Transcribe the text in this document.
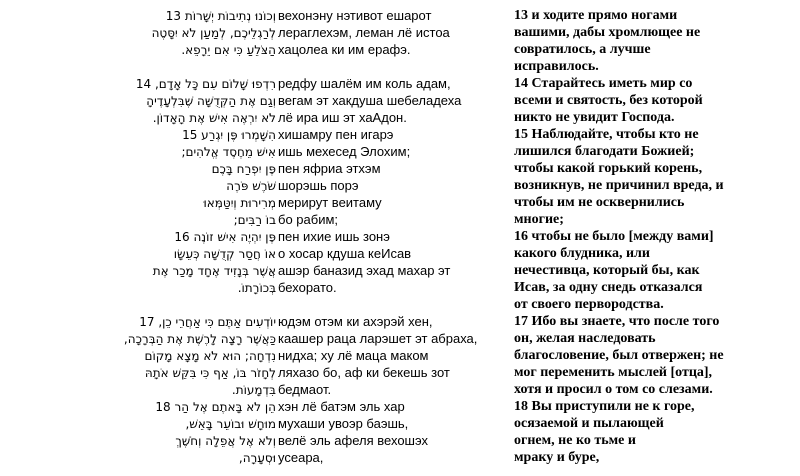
וְכוֹנוּ נְתִיבוֹת יְשָׁרוֹת 13
לְרַגְלֵיכֶם, לְמַעַן לֹא יִסָּטֶה
הַצֹּלֵעַ כִּי אִם יֵרָפֵא.
רִדְפוּ שָׁלוֹם עִם כָּל אָדָם, 14
וְגַם אֶת הַקְּדֻשָּׁה שֶׁבִּלְעָדֶיהָ
לֹא יִרְאֶה אִישׁ אֶת הָאָדוֹן.
הִשָּׁמְרוּ פֶּן יִגְרַע 15
אִישׁ מֵחֶסֶד אֱלֹהִים;
פֶּן יִפְרַח בָּכֶם
שֹׁרֶשׁ פֹּרֶה
מְרִירוּת וְיִטַּמְּאוּ
בוֹ רַבִּים;
פֶּן יִהְיֶה אִישׁ זוֹנֶה 16
אוֹ חֲסַר קְדֻשָּׁה כְּעֵשָׂו
אֲשֶׁר בְּנָזִיד אֶחָד מָכַר אֶת
בְּכוֹרָתוֹ.
יוֹדְעִים אַתֶּם כִּי אַחֲרֵי כֵן, 17
כַּאֲשֶׁר רָצָה לָרֶשֶׁת אֶת הַבְּרָכָה,
נִדְחָה; הוּא לֹא מָצָא מָקוֹם
לְחָזֹר בּוֹ, אַף כִּי בִּקֵּשׁ אֹתָהּ
בִּדְמָעוֹת.
הֵן לֹא בָּאתֶם אֶל הַר 18
מוּחָשׁ וּבוֹעֵר בָּאֵשׁ,
וְלֹא אֶל אֲפֵלָה וְחֹשֶׁךְ
וּסְעָרָה,
вехонэну нэтивот ешарот
лераглехэм, леман лё истоа
хацолеа ки им ерафэ.
редфу шалём им коль адам,
вегам эт хакдуша шебеладеха
лё ира иш эт хаАдон.
хишамру пен игарэ
ишь мехесед Элохим;
пен яфриа этхэм
шорэшь порэ
мерирут веитаму
бо рабим;
пен ихие ишь зонэ
о хосар кдуша кеИсав
ашэр баназид эхад махар эт
бехорато.
юдэм отэм ки ахэрэй хен,
каашер раца ларэшет эт абраха,
нидха; ху лё маца маком
ляхазо бо, аф ки бекешь зот
бедмаот.
хэн лё батэм эль хар
мухаши увоэр баэшь,
велё эль афеля вехошэх
усеара,
13 и ходите прямо ногами
вашими, дабы хромлющее не
совратилось, а лучше
исправилось.
14 Старайтесь иметь мир со
всеми и святость, без которой
никто не увидит Господа.
15 Наблюдайте, чтобы кто не
лишился благодати Божией;
чтобы какой горький корень,
возникнув, не причинил вреда, и
чтобы им не осквернились
многие;
16 чтобы не было [между вами]
какого блудника, или
нечестивца, который бы, как
Исав, за одну снедь отказался
от своего первородства.
17 Ибо вы знаете, что после того
он, желая наследовать
благословение, был отвержен; не
мог переменить мыслей [отца],
хотя и просил о том со слезами.
18 Вы приступили не к горе,
осязаемой и пылающей
огнем, не ко тьме и
мраку и буре,
